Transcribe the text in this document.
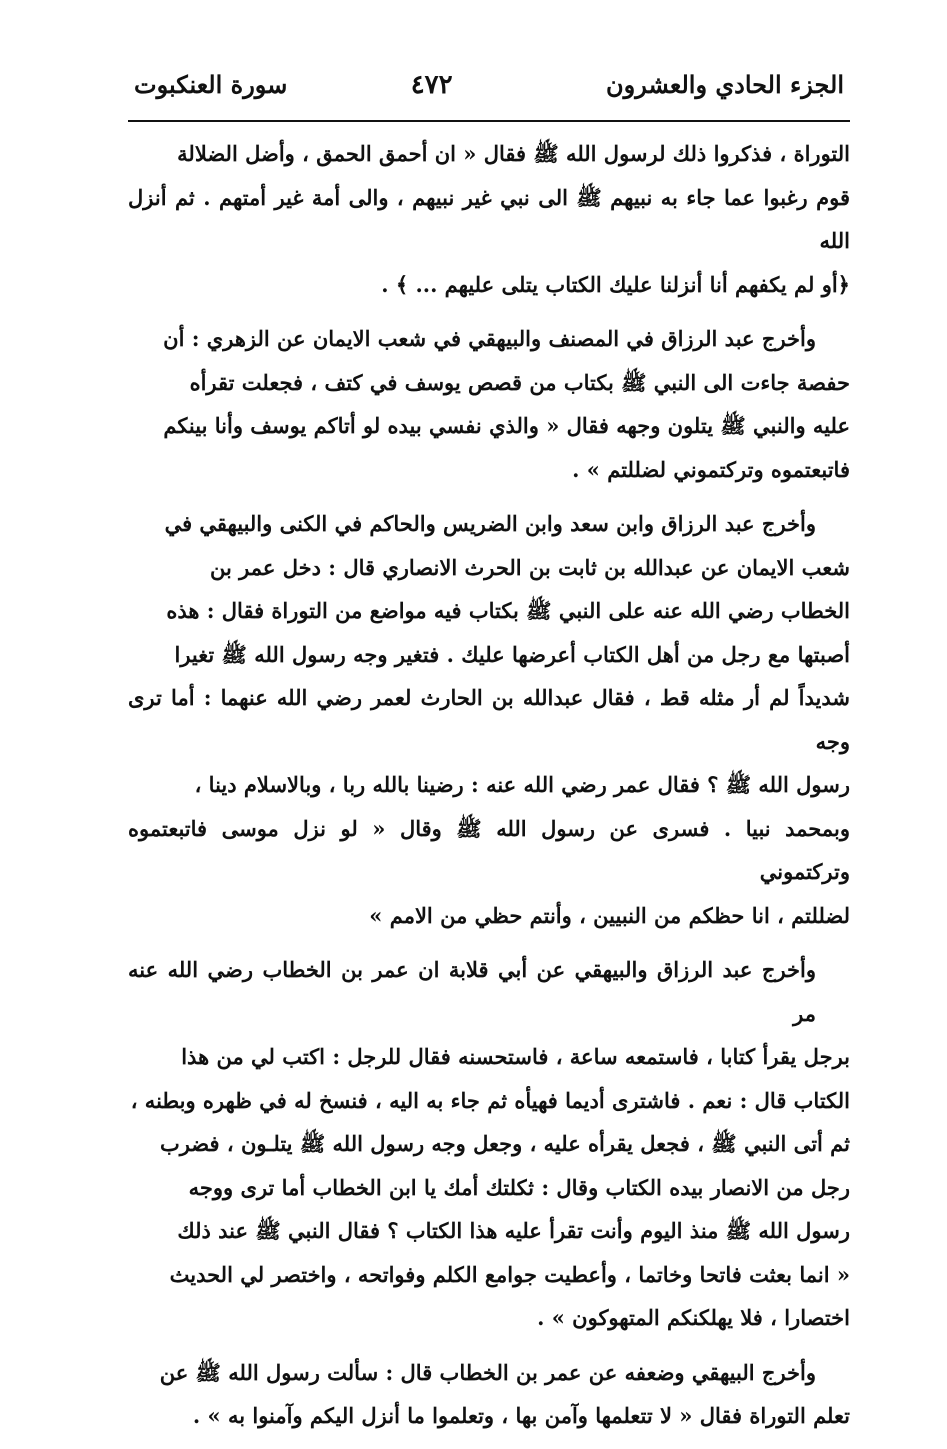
الجزء الحادي والعشرون
٤٧٢
سورة العنكبوت

التوراة ، فذكروا ذلك لرسول الله ﷺ فقال « ان أحمق الحمق ، وأضل الضلالة
قوم رغبوا عما جاء به نبيهم ﷺ الى نبي غير نبيهم ، والى أمة غير أمتهم . ثم أنزل الله
﴿أو لم يكفهم أنا أنزلنا عليك الكتاب يتلى عليهم ... ﴾ .

وأخرج عبد الرزاق في المصنف والبيهقي في شعب الايمان عن الزهري : أن
حفصة جاءت الى النبي ﷺ بكتاب من قصص يوسف في كتف ، فجعلت تقرأه
عليه والنبي ﷺ يتلون وجهه فقال « والذي نفسي بيده لو أتاكم يوسف وأنا بينكم
فاتبعتموه وتركتموني لضللتم » .

وأخرج عبد الرزاق وابن سعد وابن الضريس والحاكم في الكنى والبيهقي في
شعب الايمان عن عبدالله بن ثابت بن الحرث الانصاري قال : دخل عمر بن
الخطاب رضي الله عنه على النبي ﷺ بكتاب فيه مواضع من التوراة فقال : هذه
أصبتها مع رجل من أهل الكتاب أعرضها عليك . فتغير وجه رسول الله ﷺ تغيرا
شديداً لم أر مثله قط ، فقال عبدالله بن الحارث لعمر رضي الله عنهما : أما ترى وجه
رسول الله ﷺ ؟ فقال عمر رضي الله عنه : رضينا بالله ربا ، وبالاسلام دينا ،
وبمحمد نبيا . فسرى عن رسول الله ﷺ وقال « لو نزل موسى فاتبعتموه وتركتموني
لضللتم ، انا حظكم من النبيين ، وأنتم حظي من الامم »

وأخرج عبد الرزاق والبيهقي عن أبي قلابة ان عمر بن الخطاب رضي الله عنه مر
برجل يقرأ كتابا ، فاستمعه ساعة ، فاستحسنه فقال للرجل : اكتب لي من هذا
الكتاب قال : نعم . فاشترى أديما فهيأه ثم جاء به اليه ، فنسخ له في ظهره وبطنه ،
ثم أتى النبي ﷺ ، فجعل يقرأه عليه ، وجعل وجه رسول الله ﷺ يتلـون ، فضرب
رجل من الانصار بيده الكتاب وقال : ثكلتك أمك يا ابن الخطاب أما ترى ووجه
رسول الله ﷺ منذ اليوم وأنت تقرأ عليه هذا الكتاب ؟ فقال النبي ﷺ عند ذلك
« انما بعثت فاتحا وخاتما ، وأعطيت جوامع الكلم وفواتحه ، واختصر لي الحديث
اختصارا ، فلا يهلكنكم المتهوكون » .

وأخرج البيهقي وضعفه عن عمر بن الخطاب قال : سألت رسول الله ﷺ عن
تعلم التوراة فقال « لا تتعلمها وآمن بها ، وتعلموا ما أنزل اليكم وآمنوا به » .
